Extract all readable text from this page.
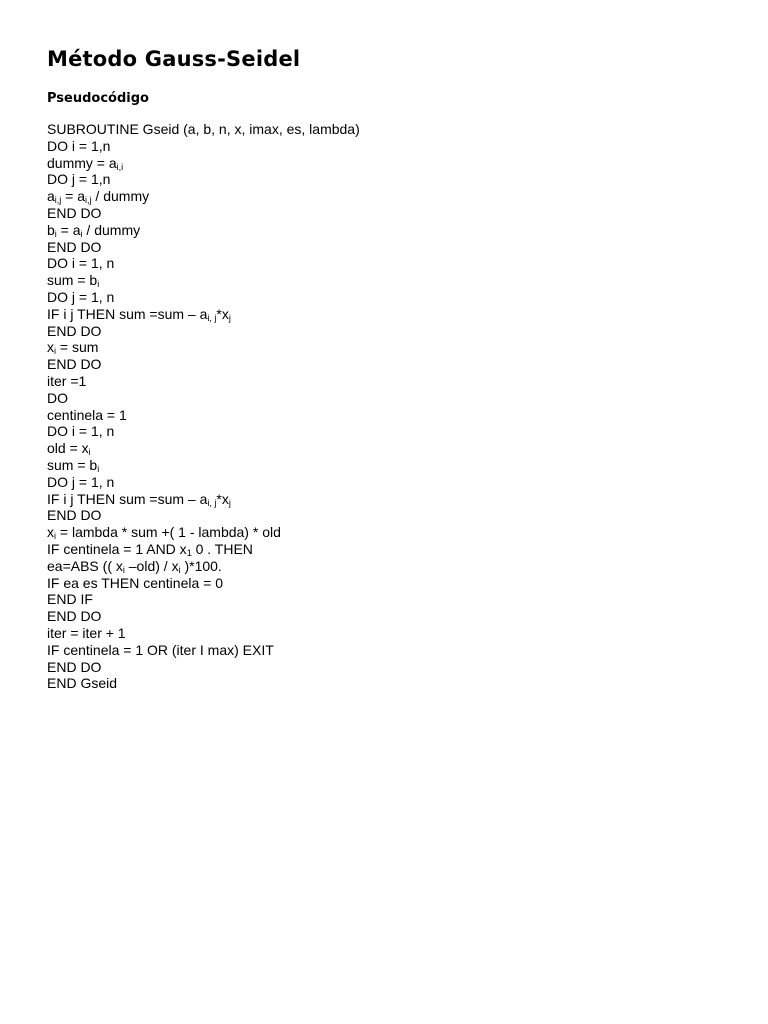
Método Gauss-Seidel
Pseudocódigo
SUBROUTINE Gseid (a, b, n, x, imax, es, lambda)
DO i = 1,n
dummy = ai,i
DO j = 1,n
ai,j = ai,j / dummy
END DO
bi = ai / dummy
END DO
DO i = 1, n
sum = bi
DO j = 1, n
IF i j THEN sum =sum – ai, j*xj
END DO
xi = sum
END DO
iter =1
DO
centinela = 1
DO i = 1, n
old = xi
sum = bi
DO j = 1, n
IF i j THEN sum =sum – ai, j*xj
END DO
xi = lambda * sum +( 1 - lambda) * old
IF centinela = 1 AND x1 0 . THEN
ea=ABS (( xi –old) / xi )*100.
IF ea es THEN centinela = 0
END IF
END DO
iter = iter + 1
IF centinela = 1 OR (iter I max) EXIT
END DO
END Gseid
